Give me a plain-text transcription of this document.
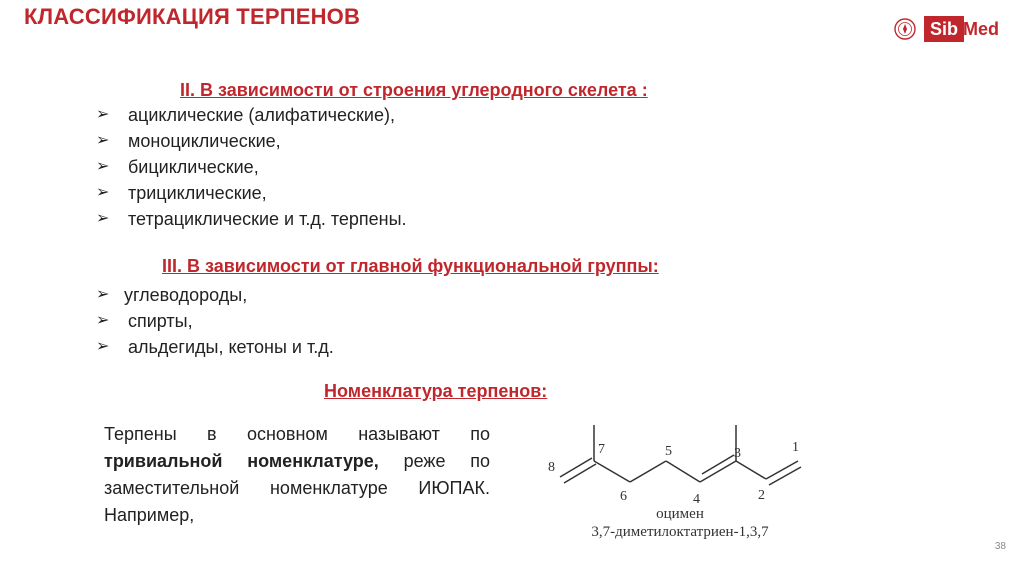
КЛАССИФИКАЦИЯ ТЕРПЕНОВ	Sib Med
II. В зависимости от строения углеродного скелета :
➢ ациклические (алифатические),
➢ моноциклические,
➢ бициклические,
➢ трициклические,
➢ тетрациклические и т.д. терпены.
III. В зависимости от главной функциональной группы:
➢ углеводороды,
➢ спирты,
➢ альдегиды, кетоны и т.д.
Номенклатура терпенов:
Терпены в основном называют по тривиальной номенклатуре, реже по заместительной номенклатуре ИЮПАК. Например,
1
2
3
4
5
6
7
8
оцимен
3,7-диметилоктатриен-1,3,7
38
